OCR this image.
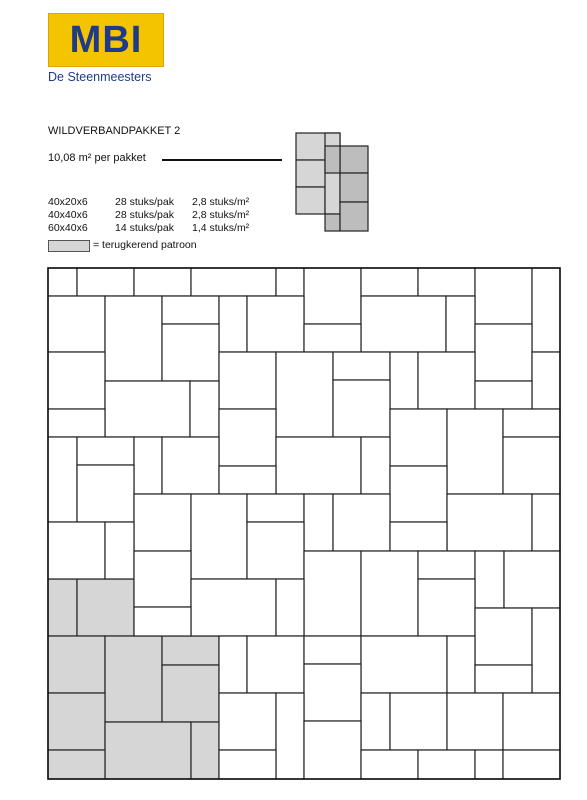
MBI
De Steenmeesters
WILDVERBANDPAKKET 2
10,08 m² per pakket
40x20x6	28 stuks/pak 2,8 stuks/m²
40x40x6	28 stuks/pak 2,8 stuks/m²
60x40x6	14 stuks/pak 1,4 stuks/m²
= terugkerend patroon
